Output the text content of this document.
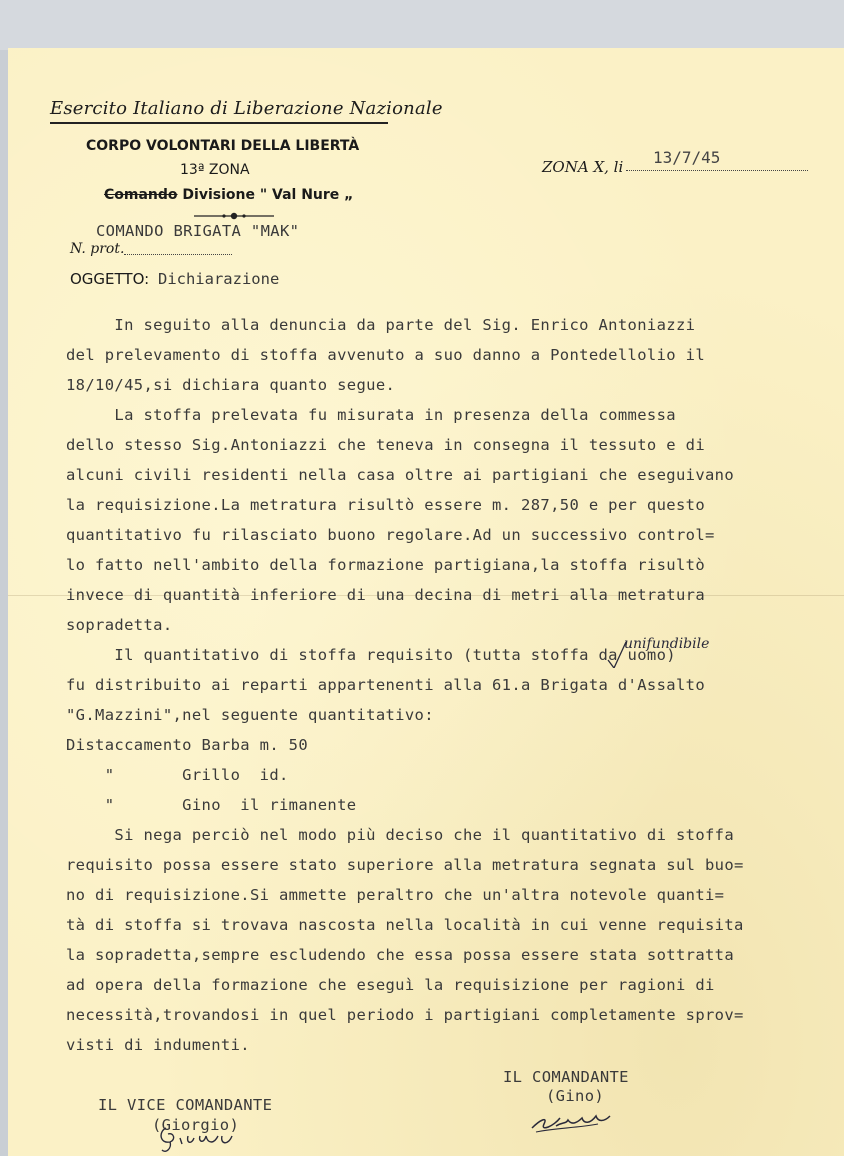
Esercito Italiano di Liberazione Nazionale
CORPO VOLONTARI DELLA LIBERTÀ
13ª ZONA
Comando Divisione " Val Nure „
COMANDO BRIGATA "MAK"
N. prot.
ZONA X, li 13/7/45
OGGETTO: Dichiarazione
In seguito alla denuncia da parte del Sig. Enrico Antoniazzi
del prelevamento di stoffa avvenuto a suo danno a Pontedellolio il
18/10/45,si dichiara quanto segue.
La stoffa prelevata fu misurata in presenza della commessa
dello stesso Sig.Antoniazzi che teneva in consegna il tessuto e di
alcuni civili residenti nella casa oltre ai partigiani che eseguivano
la requisizione.La metratura risultò essere m. 287,50 e per questo
quantitativo fu rilasciato buono regolare.Ad un successivo control=
lo fatto nell'ambito della formazione partigiana,la stoffa risultò
invece di quantità inferiore di una decina di metri alla metratura
sopradetta.
Il quantitativo di stoffa requisito (tutta stoffa da uomo)
fu distribuito ai reparti appartenenti alla 61.a Brigata d'Assalto
"G.Mazzini",nel seguente quantitativo:
Distaccamento Barba m. 50
"       Grillo  id.
"       Gino  il rimanente
Si nega perciò nel modo più deciso che il quantitativo di stoffa
requisito possa essere stato superiore alla metratura segnata sul buo=
no di requisizione.Si ammette peraltro che un'altra notevole quanti=
tà di stoffa si trovava nascosta nella località in cui venne requisita
la sopradetta,sempre escludendo che essa possa essere stata sottratta
ad opera della formazione che eseguì la requisizione per ragioni di
necessità,trovandosi in quel periodo i partigiani completamente sprov=
visti di indumenti.
unifundibile
IL COMANDANTE
(Gino)
IL VICE COMANDANTE
(Giorgio)
